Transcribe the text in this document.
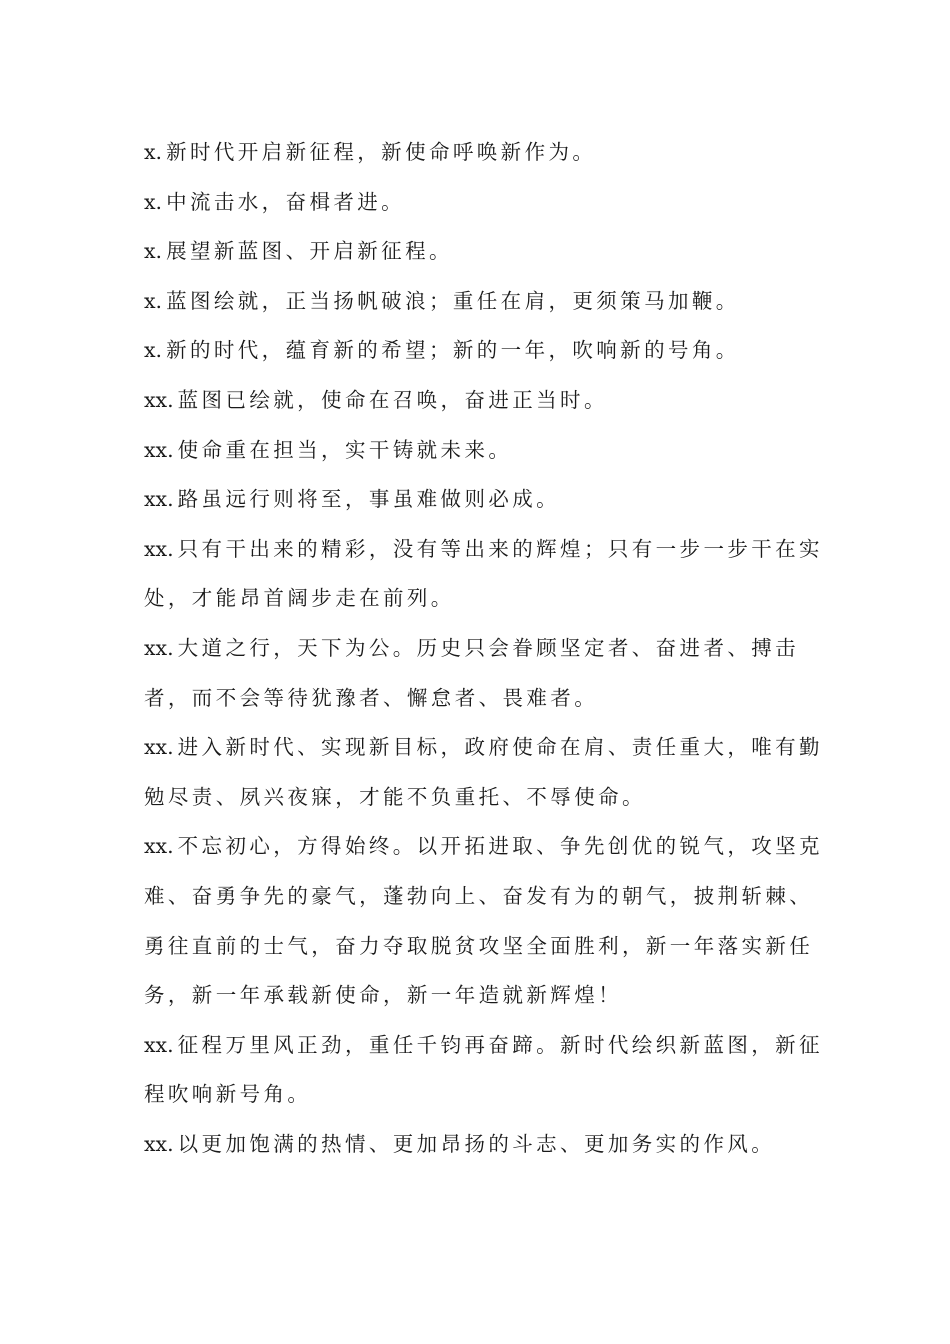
x. 新时代开启新征程，新使命呼唤新作为。

x. 中流击水，奋楫者进。

x. 展望新蓝图、开启新征程。

x. 蓝图绘就，正当扬帆破浪；重任在肩，更须策马加鞭。

x. 新的时代，蕴育新的希望；新的一年，吹响新的号角。

xx. 蓝图已绘就，使命在召唤，奋进正当时。

xx. 使命重在担当，实干铸就未来。

xx. 路虽远行则将至，事虽难做则必成。

xx. 只有干出来的精彩，没有等出来的辉煌；只有一步一步干在实处，才能昂首阔步走在前列。

xx. 大道之行，天下为公。历史只会眷顾坚定者、奋进者、搏击者，而不会等待犹豫者、懈怠者、畏难者。

xx. 进入新时代、实现新目标，政府使命在肩、责任重大，唯有勤勉尽责、夙兴夜寐，才能不负重托、不辱使命。

xx. 不忘初心，方得始终。以开拓进取、争先创优的锐气，攻坚克难、奋勇争先的豪气，蓬勃向上、奋发有为的朝气，披荆斩棘、勇往直前的士气，奋力夺取脱贫攻坚全面胜利，新一年落实新任务，新一年承载新使命，新一年造就新辉煌！

xx. 征程万里风正劲，重任千钧再奋蹄。新时代绘织新蓝图，新征程吹响新号角。

xx. 以更加饱满的热情、更加昂扬的斗志、更加务实的作风。
